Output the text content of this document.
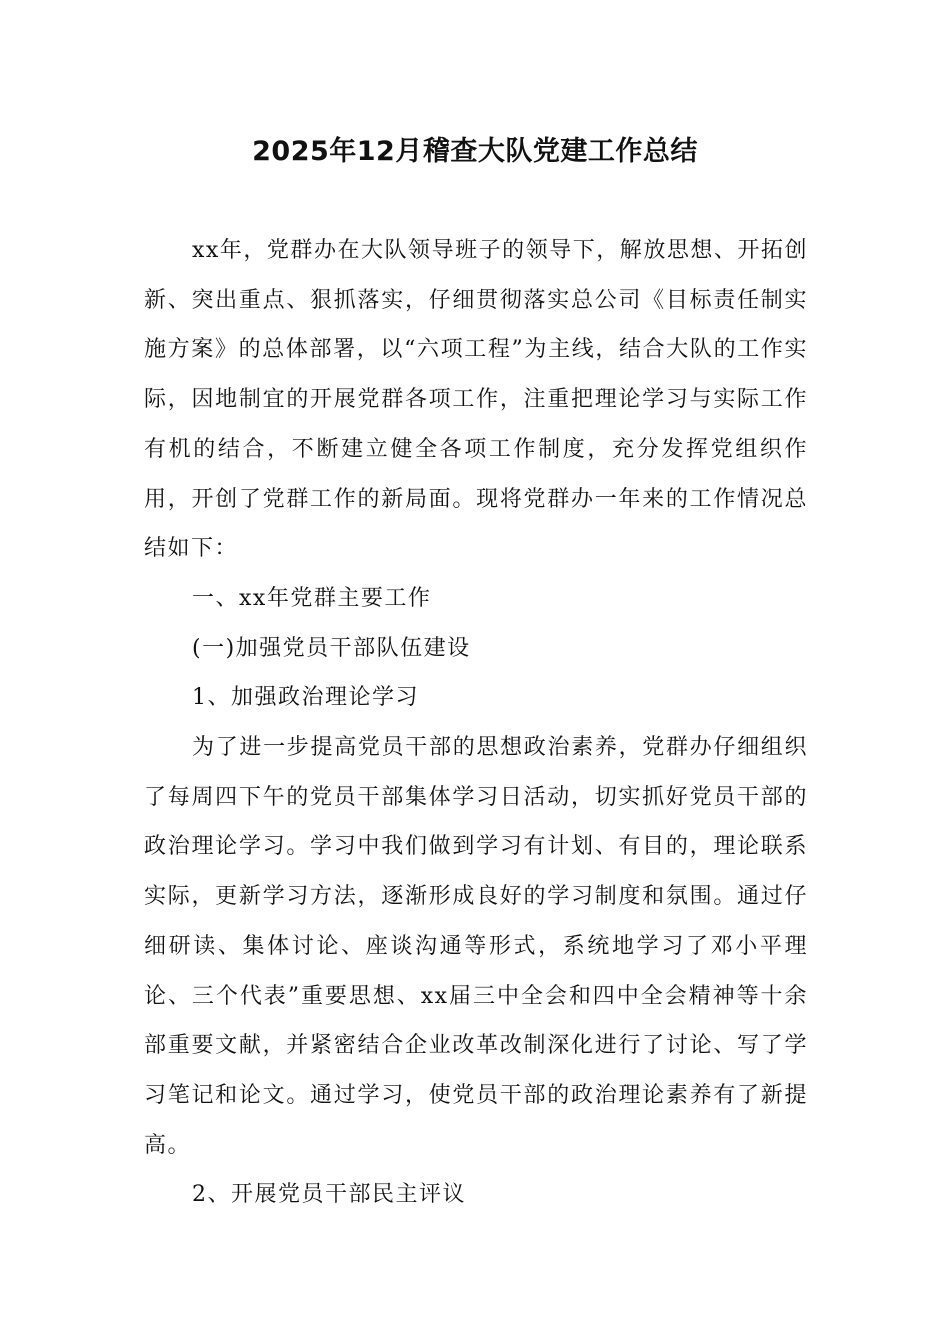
2025年12月稽查大队党建工作总结

xx年，党群办在大队领导班子的领导下，解放思想、开拓创新、突出重点、狠抓落实，仔细贯彻落实总公司《目标责任制实施方案》的总体部署，以“六项工程”为主线，结合大队的工作实际，因地制宜的开展党群各项工作，注重把理论学习与实际工作有机的结合，不断建立健全各项工作制度，充分发挥党组织作用，开创了党群工作的新局面。现将党群办一年来的工作情况总结如下：

一、xx年党群主要工作

(一)加强党员干部队伍建设

1、加强政治理论学习

为了进一步提高党员干部的思想政治素养，党群办仔细组织了每周四下午的党员干部集体学习日活动，切实抓好党员干部的政治理论学习。学习中我们做到学习有计划、有目的，理论联系实际，更新学习方法，逐渐形成良好的学习制度和氛围。通过仔细研读、集体讨论、座谈沟通等形式，系统地学习了邓小平理论、三个代表”重要思想、xx届三中全会和四中全会精神等十余部重要文献，并紧密结合企业改革改制深化进行了讨论、写了学习笔记和论文。通过学习，使党员干部的政治理论素养有了新提高。

2、开展党员干部民主评议
